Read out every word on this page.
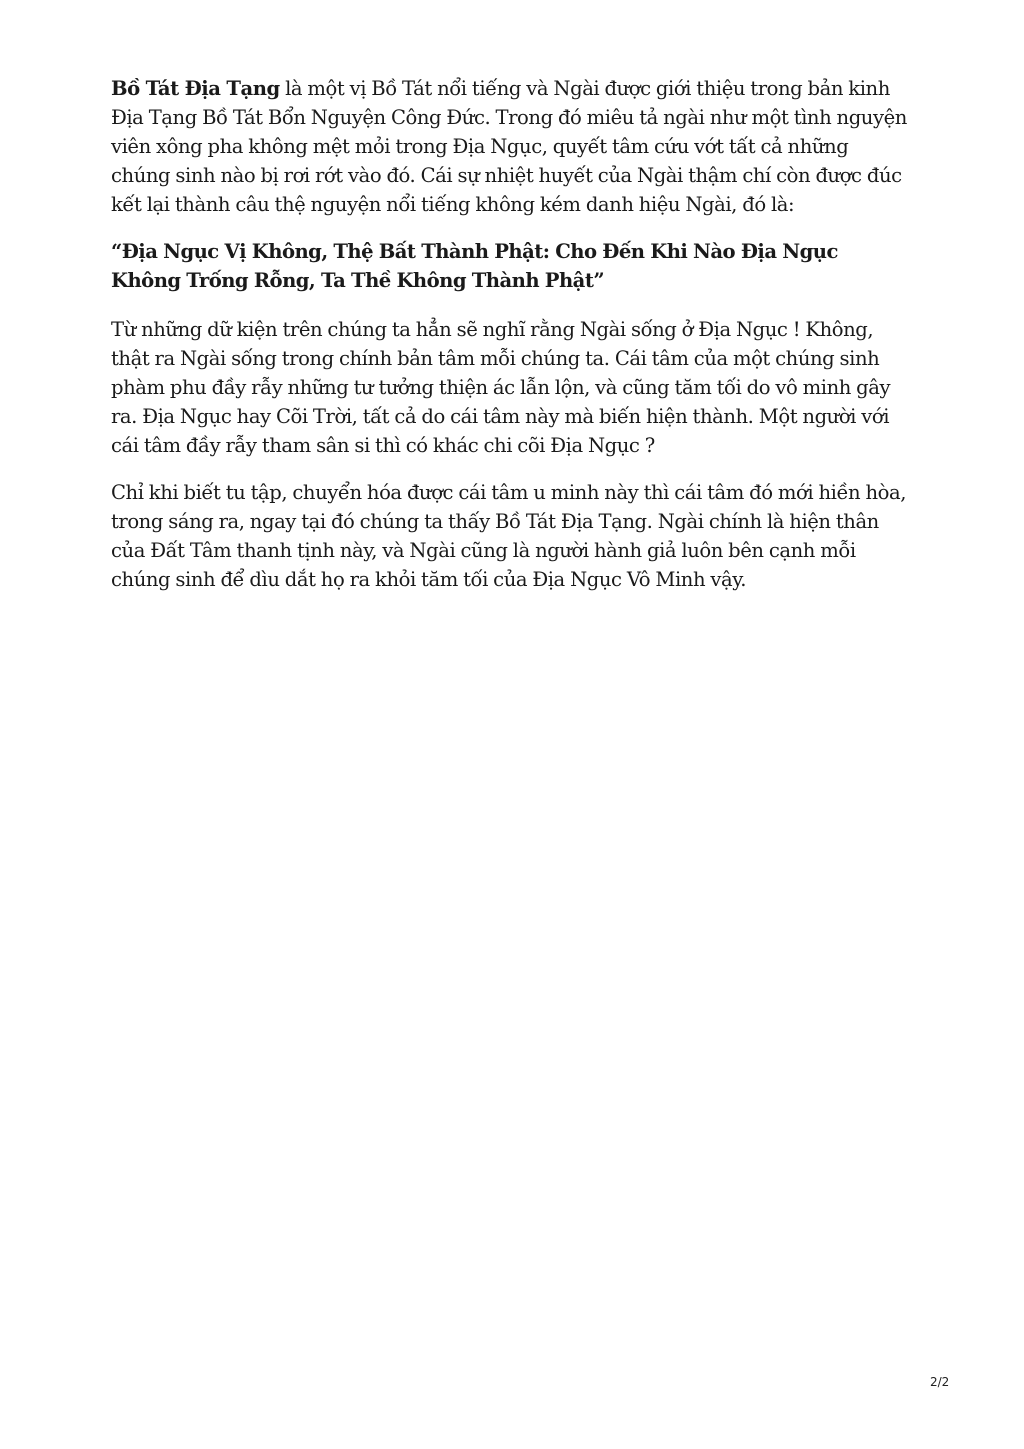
Bồ Tát Địa Tạng là một vị Bồ Tát nổi tiếng và Ngài được giới thiệu trong bản kinh Địa Tạng Bồ Tát Bổn Nguyện Công Đức. Trong đó miêu tả ngài như một tình nguyện viên xông pha không mệt mỏi trong Địa Ngục, quyết tâm cứu vớt tất cả những chúng sinh nào bị rơi rớt vào đó. Cái sự nhiệt huyết của Ngài thậm chí còn được đúc kết lại thành câu thệ nguyện nổi tiếng không kém danh hiệu Ngài, đó là:

“Địa Ngục Vị Không, Thệ Bất Thành Phật: Cho Đến Khi Nào Địa Ngục Không Trống Rỗng, Ta Thề Không Thành Phật”

Từ những dữ kiện trên chúng ta hẳn sẽ nghĩ rằng Ngài sống ở Địa Ngục ! Không, thật ra Ngài sống trong chính bản tâm mỗi chúng ta. Cái tâm của một chúng sinh phàm phu đầy rẫy những tư tưởng thiện ác lẫn lộn, và cũng tăm tối do vô minh gây ra. Địa Ngục hay Cõi Trời, tất cả do cái tâm này mà biến hiện thành. Một người với cái tâm đầy rẫy tham sân si thì có khác chi cõi Địa Ngục ?

Chỉ khi biết tu tập, chuyển hóa được cái tâm u minh này thì cái tâm đó mới hiền hòa, trong sáng ra, ngay tại đó chúng ta thấy Bồ Tát Địa Tạng. Ngài chính là hiện thân của Đất Tâm thanh tịnh này, và Ngài cũng là người hành giả luôn bên cạnh mỗi chúng sinh để dìu dắt họ ra khỏi tăm tối của Địa Ngục Vô Minh vậy.

2/2
